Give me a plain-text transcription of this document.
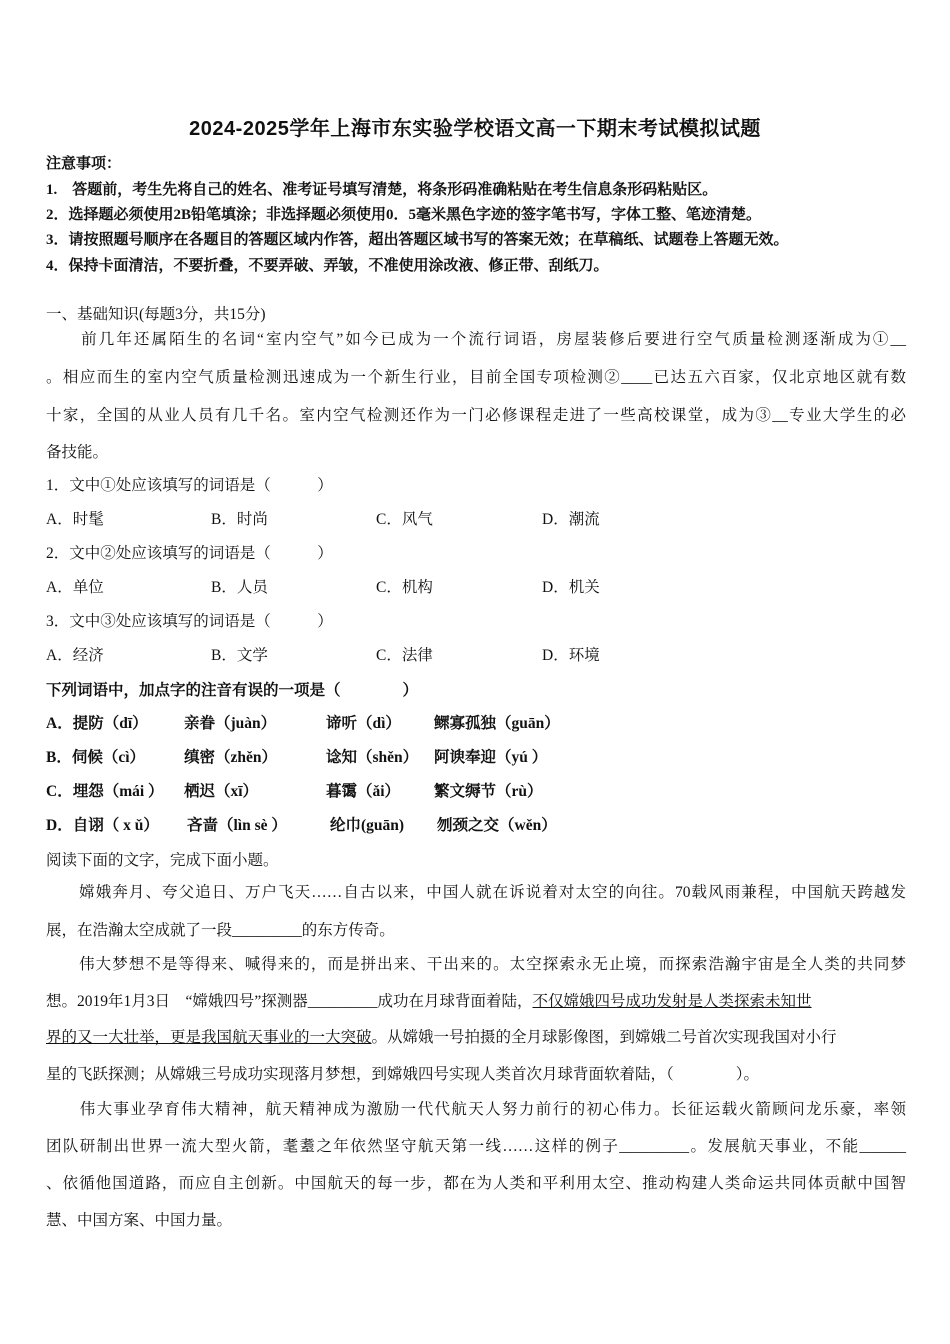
2024-2025学年上海市东实验学校语文高一下期末考试模拟试题
注意事项：
1.　答题前，考生先将自己的姓名、准考证号填写清楚，将条形码准确粘贴在考生信息条形码粘贴区。
2．选择题必须使用2B铅笔填涂；非选择题必须使用0．5毫米黑色字迹的签字笔书写，字体工整、笔迹清楚。
3．请按照题号顺序在各题目的答题区域内作答，超出答题区域书写的答案无效；在草稿纸、试题卷上答题无效。
4．保持卡面清洁，不要折叠，不要弄破、弄皱，不准使用涂改液、修正带、刮纸刀。
一、基础知识(每题3分，共15分)
　　前几年还属陌生的名词“室内空气”如今已成为一个流行词语，房屋装修后要进行空气质量检测逐渐成为①__
。相应而生的室内空气质量检测迅速成为一个新生行业，目前全国专项检测②____已达五六百家，仅北京地区就有数
十家，全国的从业人员有几千名。室内空气检测还作为一门必修课程走进了一些高校课堂，成为③__专业大学生的必
备技能。
1．文中①处应该填写的词语是（　　　）
A．时髦	B．时尚	C．风气	D．潮流
2．文中②处应该填写的词语是（　　　）
A．单位	B．人员	C．机构	D．机关
3．文中③处应该填写的词语是（　　　）
A．经济	B．文学	C．法律	D．环境
下列词语中，加点字的注音有误的一项是（　　　　）
A．提防（dī） 亲眷（juàn）	谛听（dì） 鳏寡孤独（guān）
B．伺候（cì）	缜密（zhěn）	谂知（shěn） 阿谀奉迎（yú ）
C．埋怨（mái ） 栖迟（xī）	暮霭（ǎi） 繁文缛节（rù）
D．自诩（ x ǔ） 吝啬（lìn sè ）	纶巾(guān) 刎颈之交（wěn）
阅读下面的文字，完成下面小题。
　　嫦娥奔月、夸父追日、万户飞天……自古以来，中国人就在诉说着对太空的向往。70载风雨兼程，中国航天跨越发
展，在浩瀚太空成就了一段_________的东方传奇。
　　伟大梦想不是等得来、喊得来的，而是拼出来、干出来的。太空探索永无止境，而探索浩瀚宇宙是全人类的共同梦
想。2019年1月3日　“嫦娥四号”探测器_________成功在月球背面着陆，不仅嫦娥四号成功发射是人类探索未知世
界的又一大壮举，更是我国航天事业的一大突破。从嫦娥一号拍摄的全月球影像图，到嫦娥二号首次实现我国对小行
星的飞跃探测；从嫦娥三号成功实现落月梦想，到嫦娥四号实现人类首次月球背面软着陆，（　　　　）。
　　伟大事业孕育伟大精神，航天精神成为激励一代代航天人努力前行的初心伟力。长征运载火箭顾问龙乐豪，率领
团队研制出世界一流大型火箭，耄耋之年依然坚守航天第一线……这样的例子_________。发展航天事业，不能______
、依循他国道路，而应自主创新。中国航天的每一步，都在为人类和平利用太空、推动构建人类命运共同体贡献中国智
慧、中国方案、中国力量。
